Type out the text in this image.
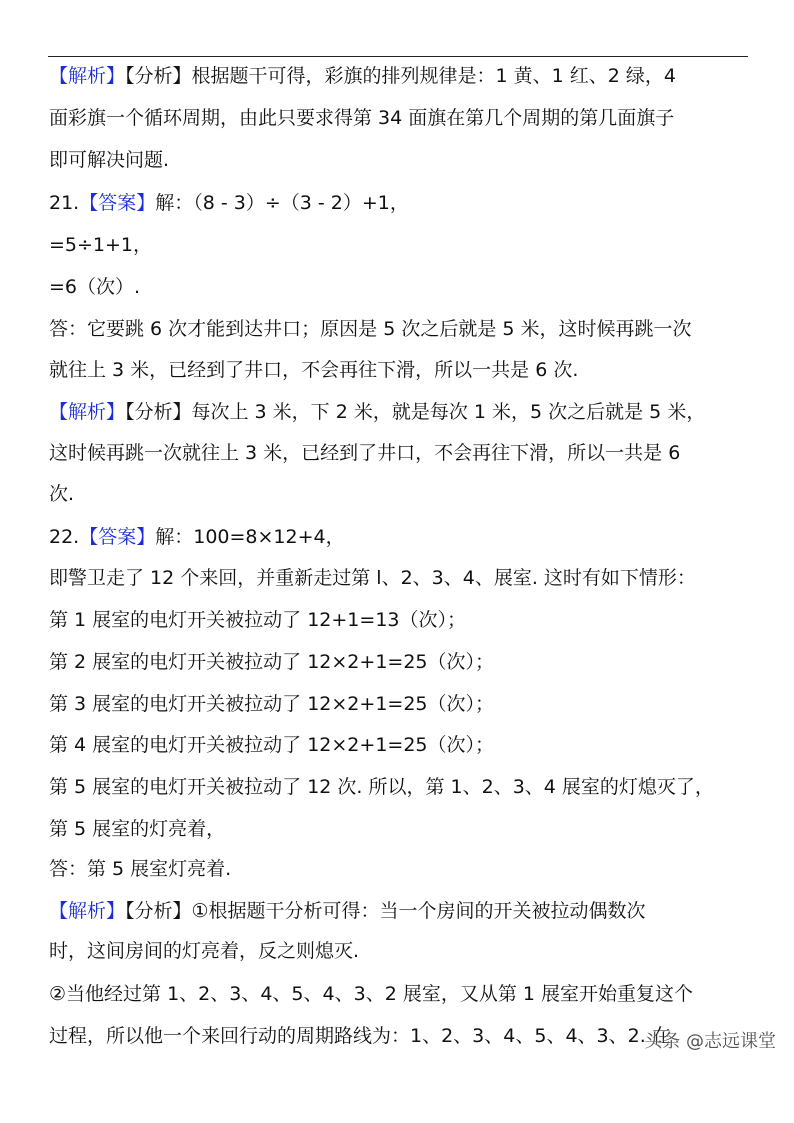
【解析】【分析】根据题干可得，彩旗的排列规律是：1 黄、1 红、2 绿，4
面彩旗一个循环周期，由此只要求得第 34 面旗在第几个周期的第几面旗子
即可解决问题.
21.【答案】解：（8 - 3）÷（3 - 2）+1，
=5÷1+1，
=6（次）.
答：它要跳 6 次才能到达井口；原因是 5 次之后就是 5 米，这时候再跳一次
就往上 3 米，已经到了井口，不会再往下滑，所以一共是 6 次.
【解析】【分析】每次上 3 米，下 2 米，就是每次 1 米，5 次之后就是 5 米，
这时候再跳一次就往上 3 米，已经到了井口，不会再往下滑，所以一共是 6
次.
22.【答案】解：100=8×12+4，
即警卫走了 12 个来回，并重新走过第 l、2、3、4、展室. 这时有如下情形：
第 1 展室的电灯开关被拉动了 12+1=13（次）；
第 2 展室的电灯开关被拉动了 12×2+1=25（次）；
第 3 展室的电灯开关被拉动了 12×2+1=25（次）；
第 4 展室的电灯开关被拉动了 12×2+1=25（次）；
第 5 展室的电灯开关被拉动了 12 次. 所以，第 1、2、3、4 展室的灯熄灭了，
第 5 展室的灯亮着，
答：第 5 展室灯亮着.
【解析】【分析】①根据题干分析可得：当一个房间的开关被拉动偶数次
时，这间房间的灯亮着，反之则熄灭.
②当他经过第 1、2、3、4、5、4、3、2 展室，又从第 1 展室开始重复这个
过程，所以他一个来回行动的周期路线为：1、2、3、4、5、4、3、2. 在
头条 @志远课堂
